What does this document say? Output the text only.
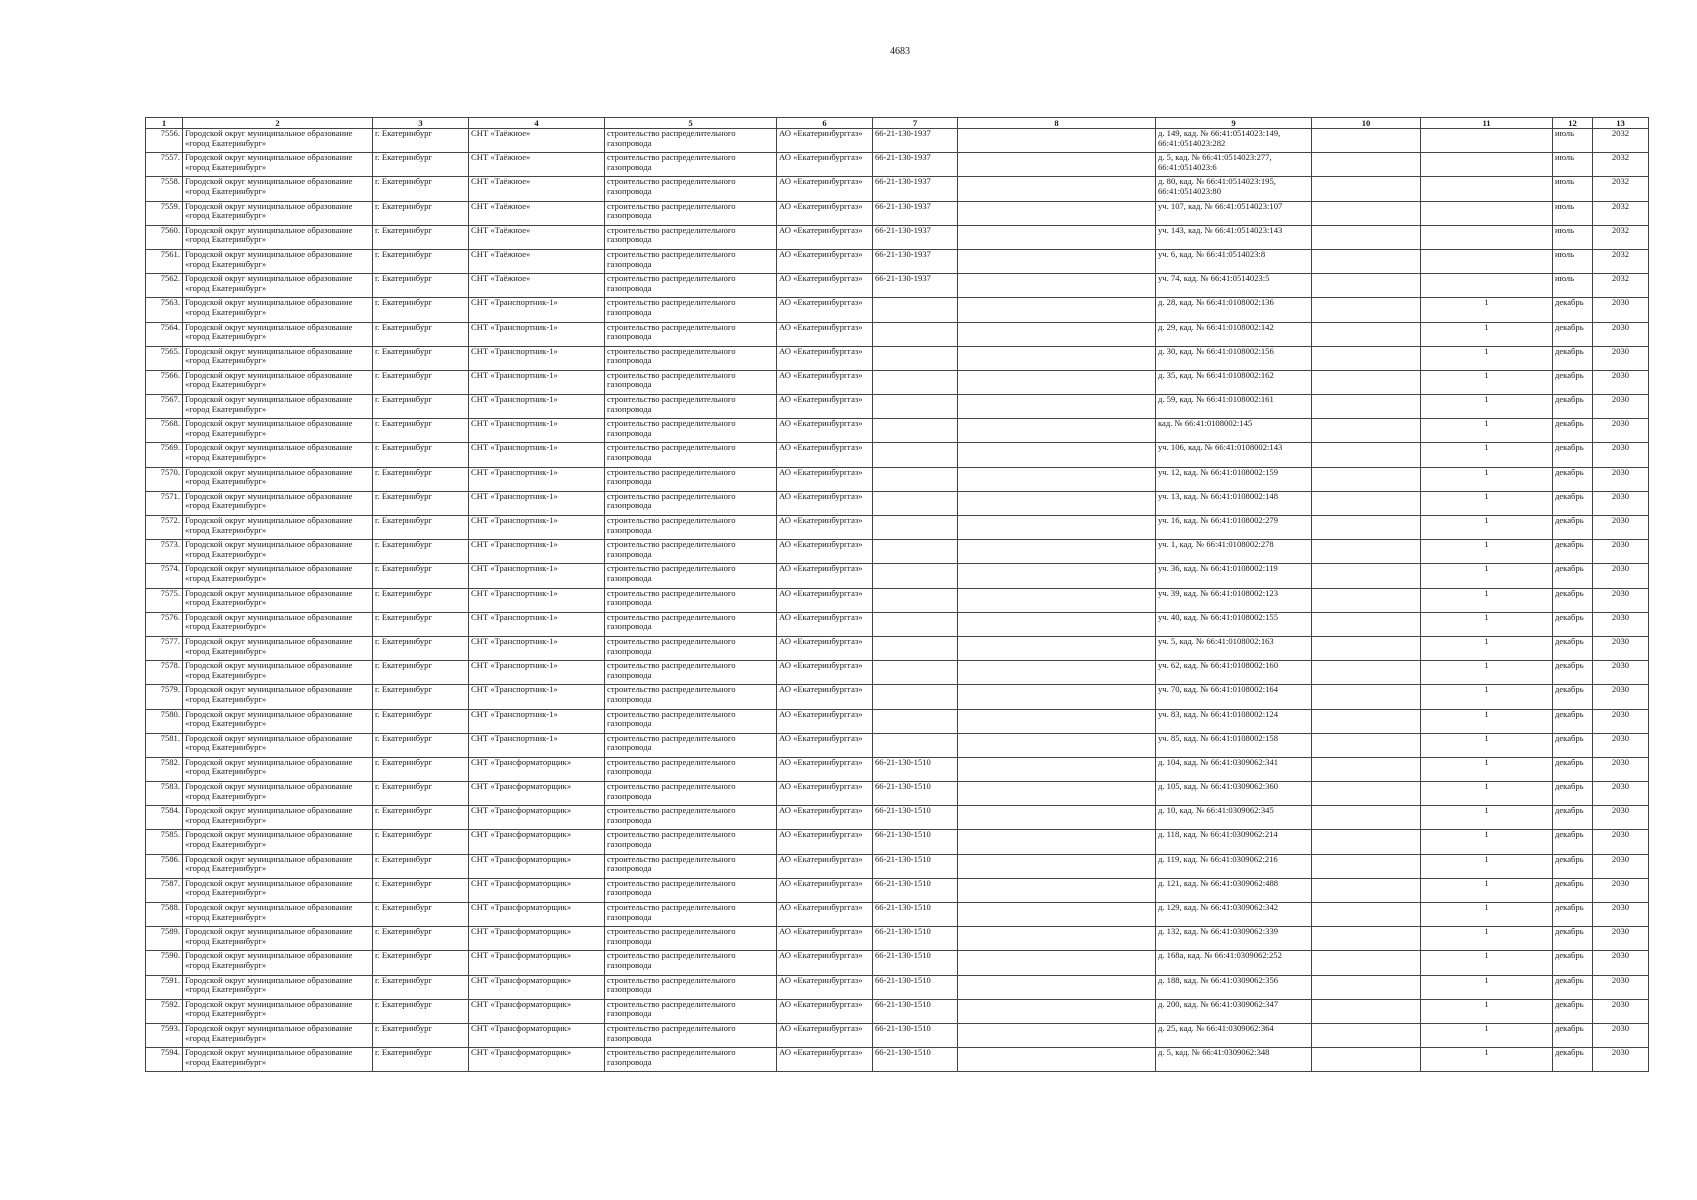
4683
1	2	3	4	5	6	7	8	9	10	11	12	13
7556.	Городской округ муниципальное образование «город Екатеринбург»	г. Екатеринбург	СНТ «Таёжное»	строительство распределительного газопровода	АО «Екатеринбурггаз»	66-21-130-1937		д. 149, кад. № 66:41:0514023:149, 66:41:0514023:282			июль	2032
7557.	Городской округ муниципальное образование «город Екатеринбург»	г. Екатеринбург	СНТ «Таёжное»	строительство распределительного газопровода	АО «Екатеринбурггаз»	66-21-130-1937		д. 5, кад. № 66:41:0514023:277, 66:41:0514023:6			июль	2032
7558.	Городской округ муниципальное образование «город Екатеринбург»	г. Екатеринбург	СНТ «Таёжное»	строительство распределительного газопровода	АО «Екатеринбурггаз»	66-21-130-1937		д. 80, кад. № 66:41:0514023:195, 66:41:0514023:80			июль	2032
7559.	Городской округ муниципальное образование «город Екатеринбург»	г. Екатеринбург	СНТ «Таёжное»	строительство распределительного газопровода	АО «Екатеринбурггаз»	66-21-130-1937		уч. 107, кад. № 66:41:0514023:107			июль	2032
7560.	Городской округ муниципальное образование «город Екатеринбург»	г. Екатеринбург	СНТ «Таёжное»	строительство распределительного газопровода	АО «Екатеринбурггаз»	66-21-130-1937		уч. 143, кад. № 66:41:0514023:143			июль	2032
7561.	Городской округ муниципальное образование «город Екатеринбург»	г. Екатеринбург	СНТ «Таёжное»	строительство распределительного газопровода	АО «Екатеринбурггаз»	66-21-130-1937		уч. 6, кад. № 66:41:0514023:8			июль	2032
7562.	Городской округ муниципальное образование «город Екатеринбург»	г. Екатеринбург	СНТ «Таёжное»	строительство распределительного газопровода	АО «Екатеринбурггаз»	66-21-130-1937		уч. 74, кад. № 66:41:0514023:5			июль	2032
7563.	Городской округ муниципальное образование «город Екатеринбург»	г. Екатеринбург	СНТ «Транспортник-1»	строительство распределительного газопровода	АО «Екатеринбурггаз»			д. 28, кад. № 66:41:0108002:136		1	декабрь	2030
7564.	Городской округ муниципальное образование «город Екатеринбург»	г. Екатеринбург	СНТ «Транспортник-1»	строительство распределительного газопровода	АО «Екатеринбурггаз»			д. 29, кад. № 66:41:0108002:142		1	декабрь	2030
7565.	Городской округ муниципальное образование «город Екатеринбург»	г. Екатеринбург	СНТ «Транспортник-1»	строительство распределительного газопровода	АО «Екатеринбурггаз»			д. 30, кад. № 66:41:0108002:156		1	декабрь	2030
7566.	Городской округ муниципальное образование «город Екатеринбург»	г. Екатеринбург	СНТ «Транспортник-1»	строительство распределительного газопровода	АО «Екатеринбурггаз»			д. 35, кад. № 66:41:0108002:162		1	декабрь	2030
7567.	Городской округ муниципальное образование «город Екатеринбург»	г. Екатеринбург	СНТ «Транспортник-1»	строительство распределительного газопровода	АО «Екатеринбурггаз»			д. 59, кад. № 66:41:0108002:161		1	декабрь	2030
7568.	Городской округ муниципальное образование «город Екатеринбург»	г. Екатеринбург	СНТ «Транспортник-1»	строительство распределительного газопровода	АО «Екатеринбурггаз»			кад. № 66:41:0108002:145		1	декабрь	2030
7569.	Городской округ муниципальное образование «город Екатеринбург»	г. Екатеринбург	СНТ «Транспортник-1»	строительство распределительного газопровода	АО «Екатеринбурггаз»			уч. 106, кад. № 66:41:0108002:143		1	декабрь	2030
7570.	Городской округ муниципальное образование «город Екатеринбург»	г. Екатеринбург	СНТ «Транспортник-1»	строительство распределительного газопровода	АО «Екатеринбурггаз»			уч. 12, кад. № 66:41:0108002:159		1	декабрь	2030
7571.	Городской округ муниципальное образование «город Екатеринбург»	г. Екатеринбург	СНТ «Транспортник-1»	строительство распределительного газопровода	АО «Екатеринбурггаз»			уч. 13, кад. № 66:41:0108002:148		1	декабрь	2030
7572.	Городской округ муниципальное образование «город Екатеринбург»	г. Екатеринбург	СНТ «Транспортник-1»	строительство распределительного газопровода	АО «Екатеринбурггаз»			уч. 16, кад. № 66:41:0108002:279		1	декабрь	2030
7573.	Городской округ муниципальное образование «город Екатеринбург»	г. Екатеринбург	СНТ «Транспортник-1»	строительство распределительного газопровода	АО «Екатеринбурггаз»			уч. 1, кад. № 66:41:0108002:278		1	декабрь	2030
7574.	Городской округ муниципальное образование «город Екатеринбург»	г. Екатеринбург	СНТ «Транспортник-1»	строительство распределительного газопровода	АО «Екатеринбурггаз»			уч. 36, кад. № 66:41:0108002:119		1	декабрь	2030
7575.	Городской округ муниципальное образование «город Екатеринбург»	г. Екатеринбург	СНТ «Транспортник-1»	строительство распределительного газопровода	АО «Екатеринбурггаз»			уч. 39, кад. № 66:41:0108002:123		1	декабрь	2030
7576.	Городской округ муниципальное образование «город Екатеринбург»	г. Екатеринбург	СНТ «Транспортник-1»	строительство распределительного газопровода	АО «Екатеринбурггаз»			уч. 40, кад. № 66:41:0108002:155		1	декабрь	2030
7577.	Городской округ муниципальное образование «город Екатеринбург»	г. Екатеринбург	СНТ «Транспортник-1»	строительство распределительного газопровода	АО «Екатеринбурггаз»			уч. 5, кад. № 66:41:0108002:163		1	декабрь	2030
7578.	Городской округ муниципальное образование «город Екатеринбург»	г. Екатеринбург	СНТ «Транспортник-1»	строительство распределительного газопровода	АО «Екатеринбурггаз»			уч. 62, кад. № 66:41:0108002:160		1	декабрь	2030
7579.	Городской округ муниципальное образование «город Екатеринбург»	г. Екатеринбург	СНТ «Транспортник-1»	строительство распределительного газопровода	АО «Екатеринбурггаз»			уч. 70, кад. № 66:41:0108002:164		1	декабрь	2030
7580.	Городской округ муниципальное образование «город Екатеринбург»	г. Екатеринбург	СНТ «Транспортник-1»	строительство распределительного газопровода	АО «Екатеринбурггаз»			уч. 83, кад. № 66:41:0108002:124		1	декабрь	2030
7581.	Городской округ муниципальное образование «город Екатеринбург»	г. Екатеринбург	СНТ «Транспортник-1»	строительство распределительного газопровода	АО «Екатеринбурггаз»			уч. 85, кад. № 66:41:0108002:158		1	декабрь	2030
7582.	Городской округ муниципальное образование «город Екатеринбург»	г. Екатеринбург	СНТ «Трансформаторщик»	строительство распределительного газопровода	АО «Екатеринбурггаз»	66-21-130-1510		д. 104, кад. № 66:41:0309062:341		1	декабрь	2030
7583.	Городской округ муниципальное образование «город Екатеринбург»	г. Екатеринбург	СНТ «Трансформаторщик»	строительство распределительного газопровода	АО «Екатеринбурггаз»	66-21-130-1510		д. 105, кад. № 66:41:0309062:360		1	декабрь	2030
7584.	Городской округ муниципальное образование «город Екатеринбург»	г. Екатеринбург	СНТ «Трансформаторщик»	строительство распределительного газопровода	АО «Екатеринбурггаз»	66-21-130-1510		д. 10, кад. № 66:41:0309062:345		1	декабрь	2030
7585.	Городской округ муниципальное образование «город Екатеринбург»	г. Екатеринбург	СНТ «Трансформаторщик»	строительство распределительного газопровода	АО «Екатеринбурггаз»	66-21-130-1510		д. 118, кад. № 66:41:0309062:214		1	декабрь	2030
7586.	Городской округ муниципальное образование «город Екатеринбург»	г. Екатеринбург	СНТ «Трансформаторщик»	строительство распределительного газопровода	АО «Екатеринбурггаз»	66-21-130-1510		д. 119, кад. № 66:41:0309062:216		1	декабрь	2030
7587.	Городской округ муниципальное образование «город Екатеринбург»	г. Екатеринбург	СНТ «Трансформаторщик»	строительство распределительного газопровода	АО «Екатеринбурггаз»	66-21-130-1510		д. 121, кад. № 66:41:0309062:488		1	декабрь	2030
7588.	Городской округ муниципальное образование «город Екатеринбург»	г. Екатеринбург	СНТ «Трансформаторщик»	строительство распределительного газопровода	АО «Екатеринбурггаз»	66-21-130-1510		д. 129, кад. № 66:41:0309062:342		1	декабрь	2030
7589.	Городской округ муниципальное образование «город Екатеринбург»	г. Екатеринбург	СНТ «Трансформаторщик»	строительство распределительного газопровода	АО «Екатеринбурггаз»	66-21-130-1510		д. 132, кад. № 66:41:0309062:339		1	декабрь	2030
7590.	Городской округ муниципальное образование «город Екатеринбург»	г. Екатеринбург	СНТ «Трансформаторщик»	строительство распределительного газопровода	АО «Екатеринбурггаз»	66-21-130-1510		д. 168а, кад. № 66:41:0309062:252		1	декабрь	2030
7591.	Городской округ муниципальное образование «город Екатеринбург»	г. Екатеринбург	СНТ «Трансформаторщик»	строительство распределительного газопровода	АО «Екатеринбурггаз»	66-21-130-1510		д. 188, кад. № 66:41:0309062:356		1	декабрь	2030
7592.	Городской округ муниципальное образование «город Екатеринбург»	г. Екатеринбург	СНТ «Трансформаторщик»	строительство распределительного газопровода	АО «Екатеринбурггаз»	66-21-130-1510		д. 200, кад. № 66:41:0309062:347		1	декабрь	2030
7593.	Городской округ муниципальное образование «город Екатеринбург»	г. Екатеринбург	СНТ «Трансформаторщик»	строительство распределительного газопровода	АО «Екатеринбурггаз»	66-21-130-1510		д. 25, кад. № 66:41:0309062:364		1	декабрь	2030
7594.	Городской округ муниципальное образование «город Екатеринбург»	г. Екатеринбург	СНТ «Трансформаторщик»	строительство распределительного газопровода	АО «Екатеринбурггаз»	66-21-130-1510		д. 5, кад. № 66:41:0309062:348		1	декабрь	2030
